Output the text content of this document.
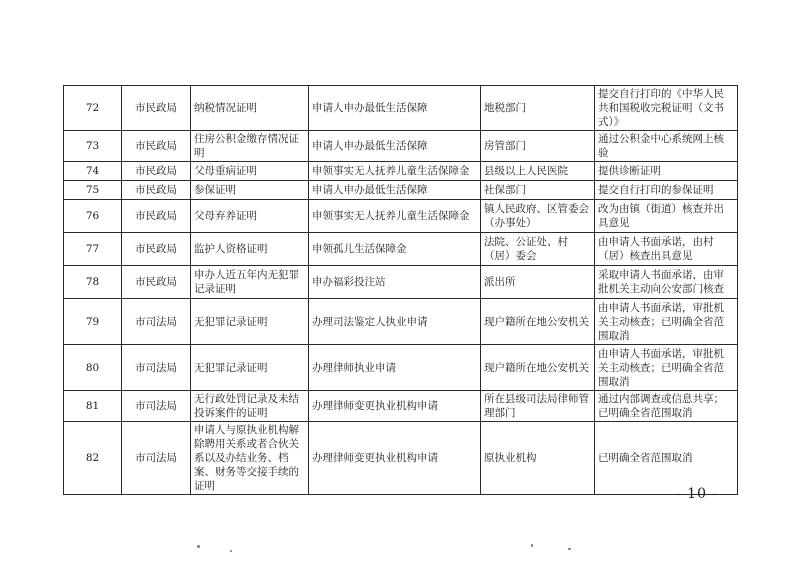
72	市民政局	纳税情况证明	申请人申办最低生活保障	地税部门	提交自行打印的《中华人民共和国税收完税证明（文书式）》
73	市民政局	住房公积金缴存情况证明	申请人申办最低生活保障	房管部门	通过公积金中心系统网上核验
74	市民政局	父母重病证明	申领事实无人抚养儿童生活保障金	县级以上人民医院	提供诊断证明
75	市民政局	参保证明	申请人申办最低生活保障	社保部门	提交自行打印的参保证明
76	市民政局	父母弃养证明	申领事实无人抚养儿童生活保障金	镇人民政府、区管委会（办事处）	改为由镇（街道）核查并出具意见
77	市民政局	监护人资格证明	申领孤儿生活保障金	法院、公证处、村（居）委会	由申请人书面承诺，由村（居）核查出具意见
78	市民政局	申办人近五年内无犯罪记录证明	申办福彩投注站	派出所	采取申请人书面承诺，由审批机关主动向公安部门核查
79	市司法局	无犯罪记录证明	办理司法鉴定人执业申请	现户籍所在地公安机关	由申请人书面承诺，审批机关主动核查；已明确全省范围取消
80	市司法局	无犯罪记录证明	办理律师执业申请	现户籍所在地公安机关	由申请人书面承诺，审批机关主动核查；已明确全省范围取消
81	市司法局	无行政处罚记录及未结投诉案件的证明	办理律师变更执业机构申请	所在县级司法局律师管理部门	通过内部调查或信息共享；已明确全省范围取消
82	市司法局	申请人与原执业机构解除聘用关系或者合伙关系以及办结业务、档案、财务等交接手续的证明	办理律师变更执业机构申请	原执业机构	已明确全省范围取消
- 10 -
